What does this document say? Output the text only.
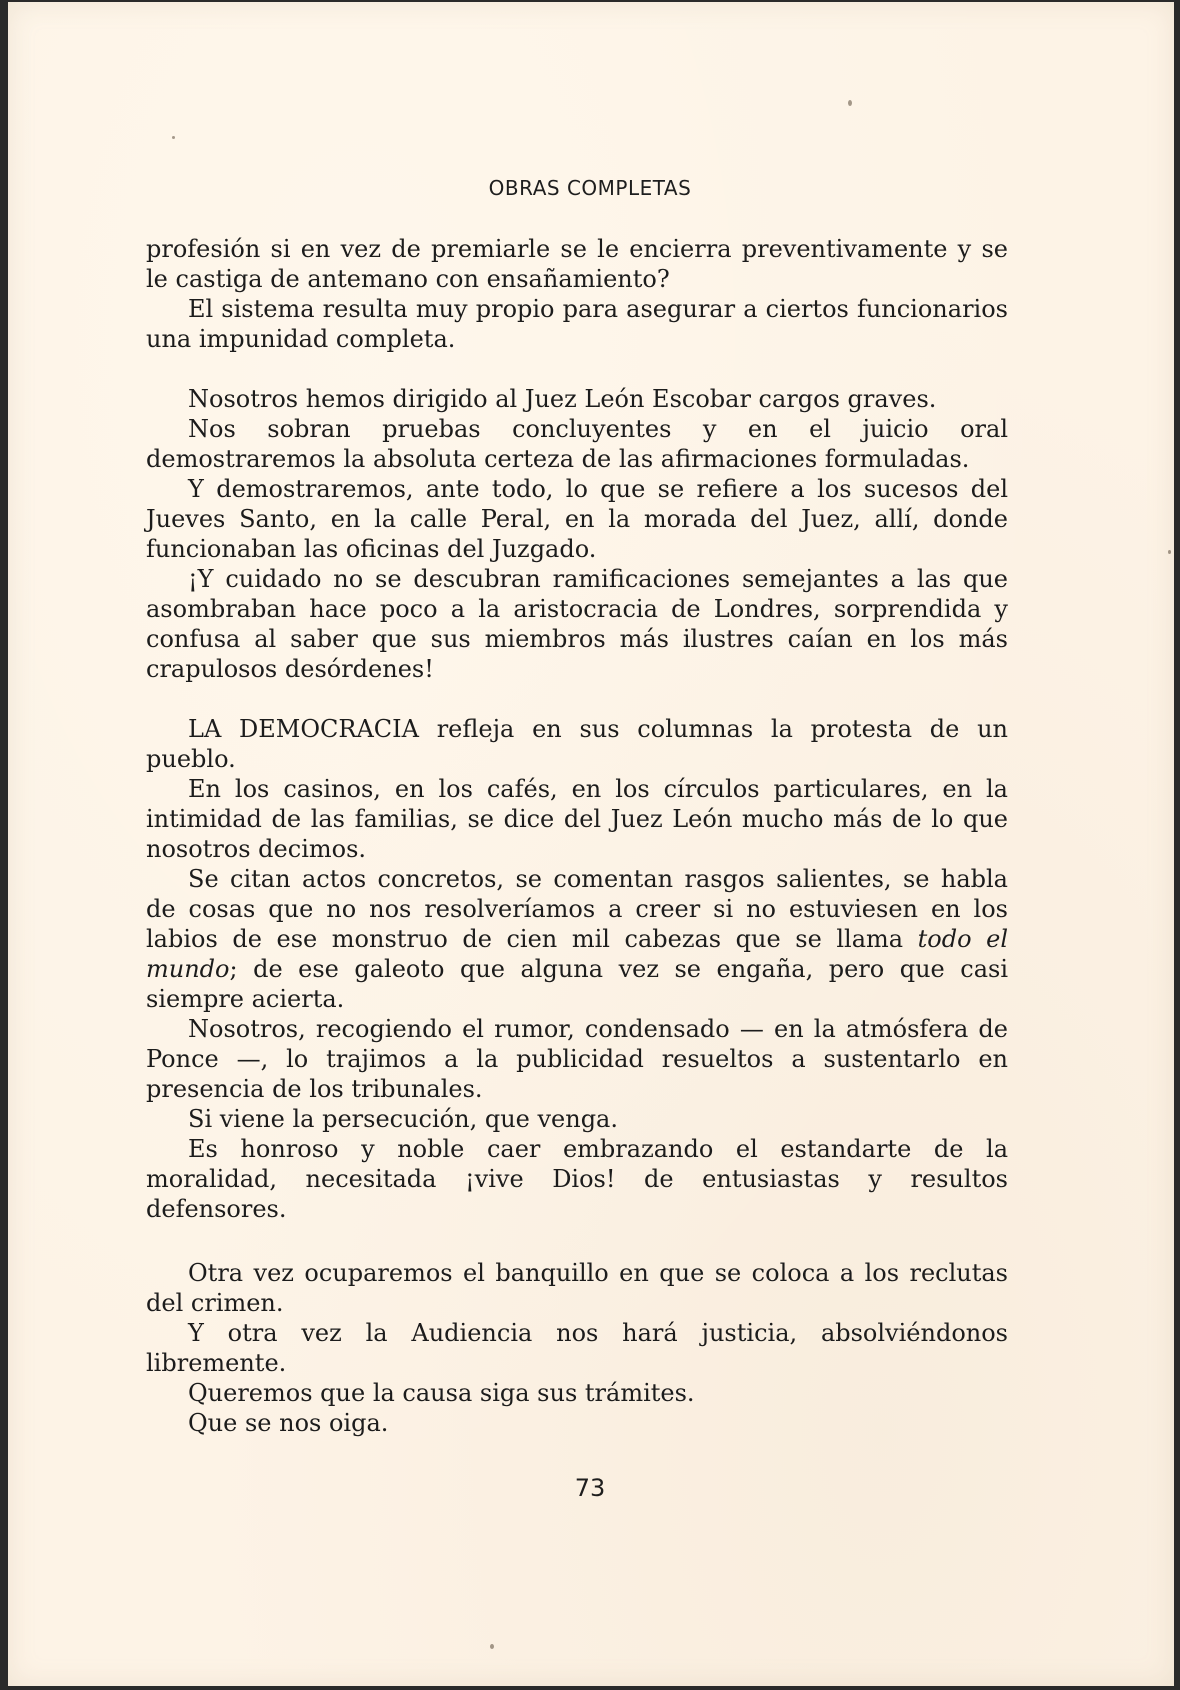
OBRAS COMPLETAS

profesión si en vez de premiarle se le encierra preventivamente y se le castiga de antemano con ensañamiento?

El sistema resulta muy propio para asegurar a ciertos funcionarios una impunidad completa.

Nosotros hemos dirigido al Juez León Escobar cargos graves.

Nos sobran pruebas concluyentes y en el juicio oral demostraremos la absoluta certeza de las afirmaciones formuladas.

Y demostraremos, ante todo, lo que se refiere a los sucesos del Jueves Santo, en la calle Peral, en la morada del Juez, allí, donde funcionaban las oficinas del Juzgado.

¡Y cuidado no se descubran ramificaciones semejantes a las que asombraban hace poco a la aristocracia de Londres, sorprendida y confusa al saber que sus miembros más ilustres caían en los más crapulosos desórdenes!

LA DEMOCRACIA refleja en sus columnas la protesta de un pueblo.

En los casinos, en los cafés, en los círculos particulares, en la intimidad de las familias, se dice del Juez León mucho más de lo que nosotros decimos.

Se citan actos concretos, se comentan rasgos salientes, se habla de cosas que no nos resolveríamos a creer si no estuviesen en los labios de ese monstruo de cien mil cabezas que se llama todo el mundo; de ese galeoto que alguna vez se engaña, pero que casi siempre acierta.

Nosotros, recogiendo el rumor, condensado — en la atmósfera de Ponce —, lo trajimos a la publicidad resueltos a sustentarlo en presencia de los tribunales.

Si viene la persecución, que venga.

Es honroso y noble caer embrazando el estandarte de la moralidad, necesitada ¡vive Dios! de entusiastas y resultos defensores.

Otra vez ocuparemos el banquillo en que se coloca a los reclutas del crimen.

Y otra vez la Audiencia nos hará justicia, absolviéndonos libremente.

Queremos que la causa siga sus trámites.

Que se nos oiga.

73
